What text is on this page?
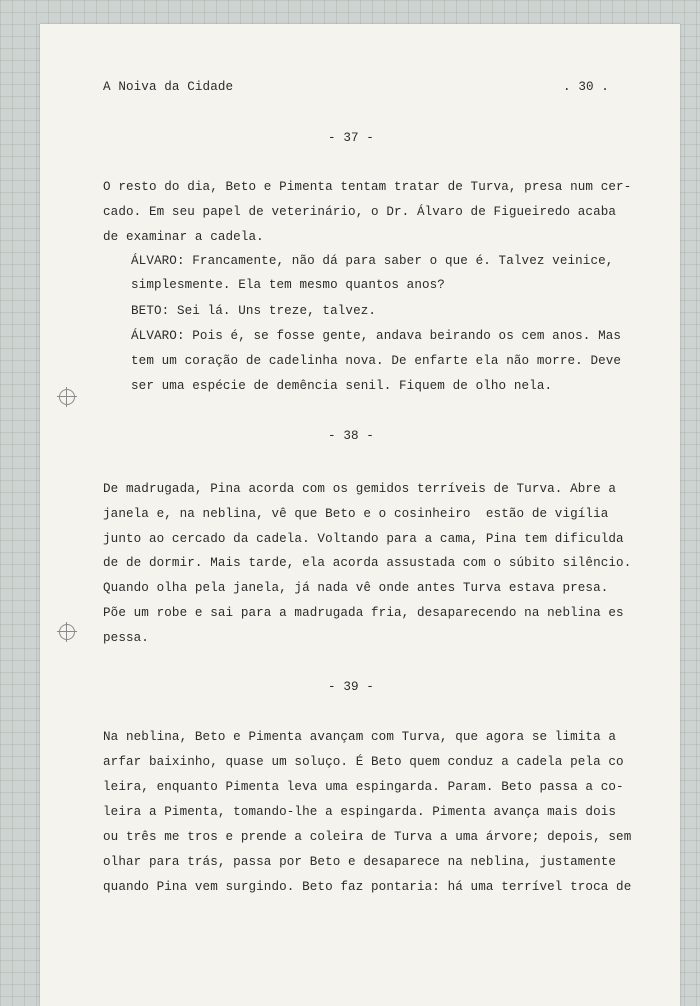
A Noiva da Cidade	. 30 .
- 37 -
O resto do dia, Beto e Pimenta tentam tratar de Turva, presa num cer-
cado. Em seu papel de veterinário, o Dr. Álvaro de Figueiredo acaba
de examinar a cadela.
ÁLVARO: Francamente, não dá para saber o que é. Talvez veinice,
simplesmente. Ela tem mesmo quantos anos?
BETO: Sei lá. Uns treze, talvez.
ÁLVARO: Pois é, se fosse gente, andava beirando os cem anos. Mas
tem um coração de cadelinha nova. De enfarte ela não morre. Deve
ser uma espécie de demência senil. Fiquem de olho nela.
- 38 -
De madrugada, Pina acorda com os gemidos terríveis de Turva. Abre a
janela e, na neblina, vê que Beto e o cosinheiro  estão de vigília
junto ao cercado da cadela. Voltando para a cama, Pina tem dificulda
de de dormir. Mais tarde, ela acorda assustada com o súbito silêncio.
Quando olha pela janela, já nada vê onde antes Turva estava presa.
Põe um robe e sai para a madrugada fria, desaparecendo na neblina es
pessa.
- 39 -
Na neblina, Beto e Pimenta avançam com Turva, que agora se limita a
arfar baixinho, quase um soluço. É Beto quem conduz a cadela pela co
leira, enquanto Pimenta leva uma espingarda. Param. Beto passa a co-
leira a Pimenta, tomando-lhe a espingarda. Pimenta avança mais dois
ou três me tros e prende a coleira de Turva a uma árvore; depois, sem
olhar para trás, passa por Beto e desaparece na neblina, justamente
quando Pina vem surgindo. Beto faz pontaria: há uma terrível troca de
